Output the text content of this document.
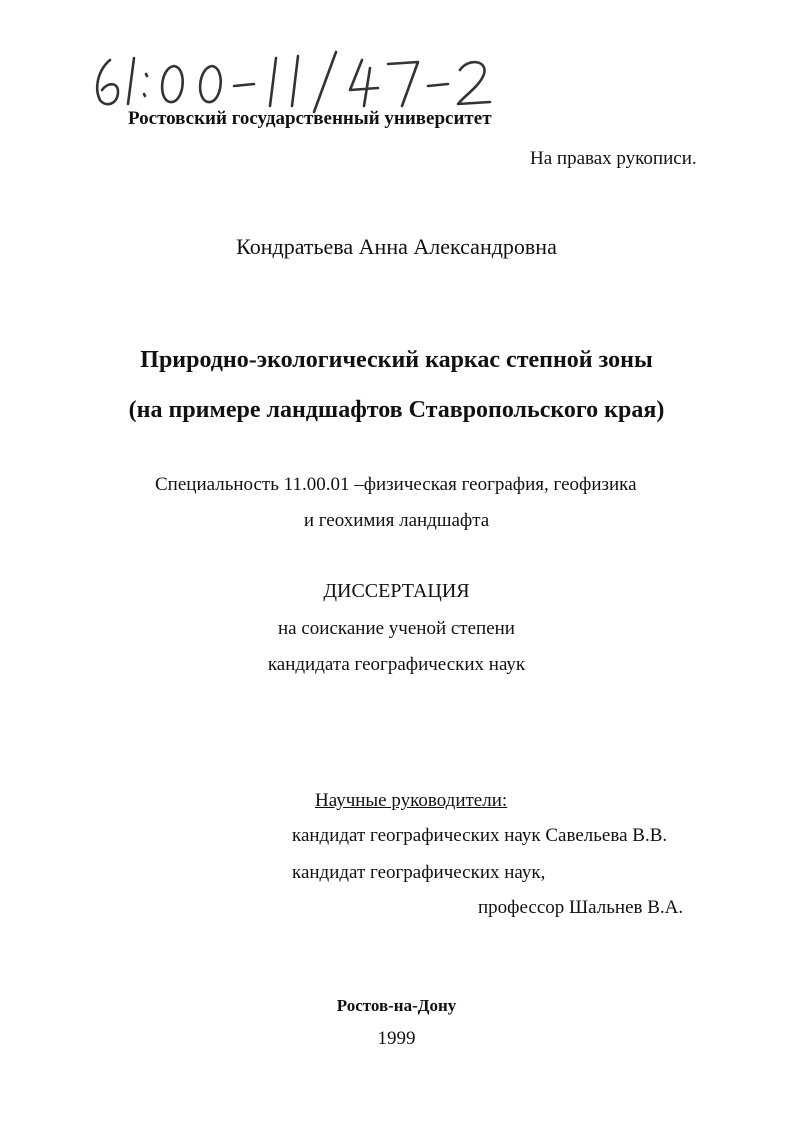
Ростовский государственный университет
На правах рукописи.
Кондратьева Анна Александровна
Природно-экологический каркас степной зоны
(на примере ландшафтов Ставропольского края)
Специальность 11.00.01 –физическая география, геофизика
и геохимия ландшафта
ДИССЕРТАЦИЯ
на соискание ученой степени
кандидата географических наук
Научные руководители:
кандидат географических наук Савельева В.В.
кандидат географических наук,
профессор Шальнев В.А.
Ростов-на-Дону
1999
